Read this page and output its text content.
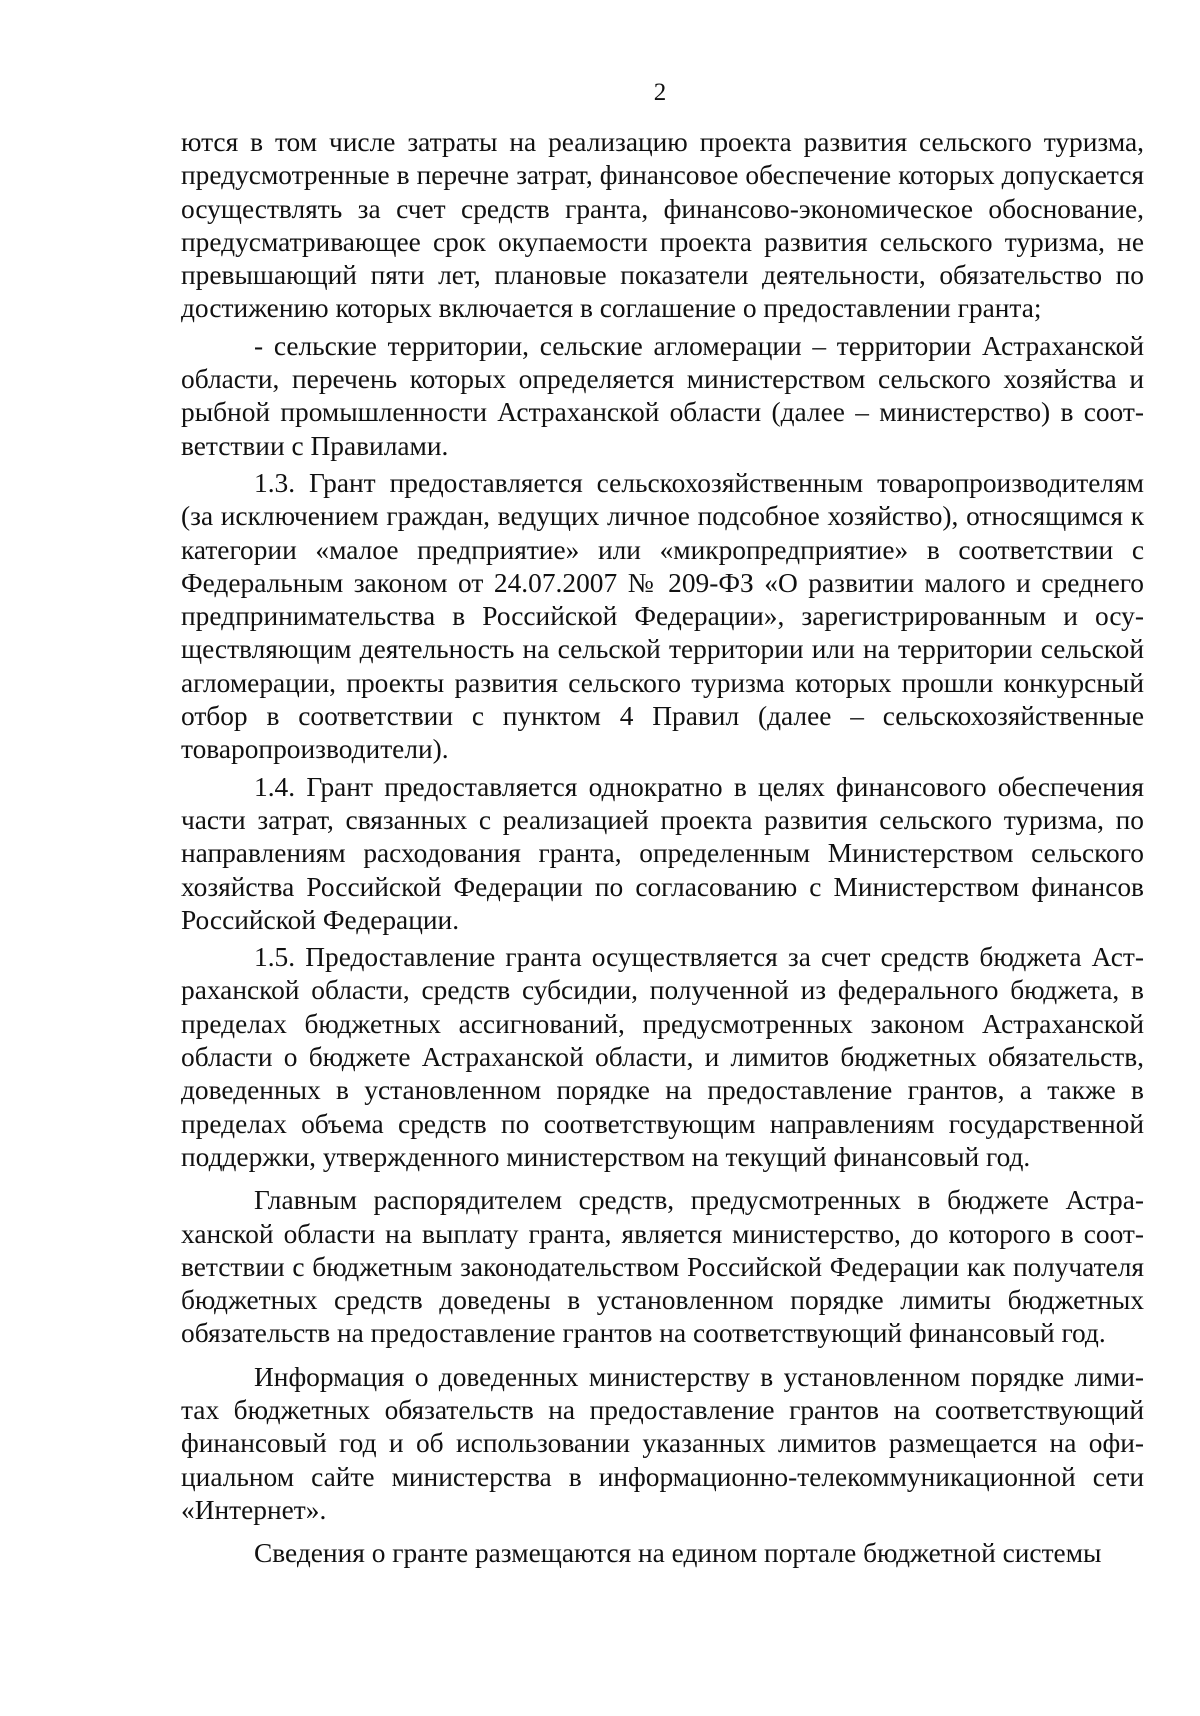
2

ются в том числе затраты на реализацию проекта развития сельского туризма, предусмотренные в перечне затрат, финансовое обеспечение которых допускается осуществлять за счет средств гранта, финансово-экономическое обоснование, предусматривающее срок окупаемости проекта развития сельского туризма, не превышающий пяти лет, плановые показатели деятельности, обязательство по достижению которых включается в соглашение о предоставлении гранта;

- сельские территории, сельские агломерации – территории Астраханской области, перечень которых определяется министерством сельского хозяйства и рыбной промышленности Астраханской области (далее – министерство) в соответствии с Правилами.

1.3. Грант предоставляется сельскохозяйственным товаропроизводителям (за исключением граждан, ведущих личное подсобное хозяйство), относящимся к категории «малое предприятие» или «микропредприятие» в соответствии с Федеральным законом от 24.07.2007 № 209-ФЗ «О развитии малого и среднего предпринимательства в Российской Федерации», зарегистрированным и осуществляющим деятельность на сельской территории или на территории сельской агломерации, проекты развития сельского туризма которых прошли конкурсный отбор в соответствии с пунктом 4 Правил (далее – сельскохозяйственные товаропроизводители).

1.4. Грант предоставляется однократно в целях финансового обеспечения части затрат, связанных с реализацией проекта развития сельского туризма, по направлениям расходования гранта, определенным Министерством сельского хозяйства Российской Федерации по согласованию с Министерством финансов Российской Федерации.

1.5. Предоставление гранта осуществляется за счет средств бюджета Астраханской области, средств субсидии, полученной из федерального бюджета, в пределах бюджетных ассигнований, предусмотренных законом Астраханской области о бюджете Астраханской области, и лимитов бюджетных обязательств, доведенных в установленном порядке на предоставление грантов, а также в пределах объема средств по соответствующим направлениям государственной поддержки, утвержденного министерством на текущий финансовый год.

Главным распорядителем средств, предусмотренных в бюджете Астраханской области на выплату гранта, является министерство, до которого в соответствии с бюджетным законодательством Российской Федерации как получателя бюджетных средств доведены в установленном порядке лимиты бюджетных обязательств на предоставление грантов на соответствующий финансовый год.

Информация о доведенных министерству в установленном порядке лимитах бюджетных обязательств на предоставление грантов на соответствующий финансовый год и об использовании указанных лимитов размещается на официальном сайте министерства в информационно-телекоммуникационной сети «Интернет».

Сведения о гранте размещаются на едином портале бюджетной системы
